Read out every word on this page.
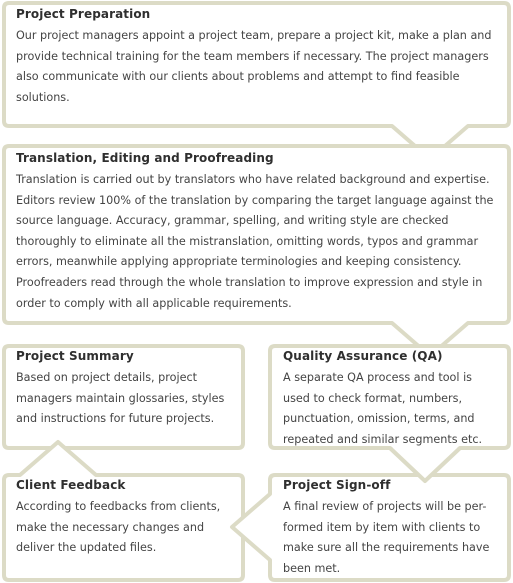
Project Preparation
Our project managers appoint a project team, prepare a project kit, make a plan and provide technical training for the team members if necessary. The project managers also communicate with our clients about problems and attempt to find feasible solutions.
Translation, Editing and Proofreading
Translation is carried out by translators who have related background and expertise. Editors review 100% of the translation by comparing the target language against the source language. Accuracy, grammar, spelling, and writing style are checked thoroughly to eliminate all the mistranslation, omitting words, typos and grammar errors, meanwhile applying appropriate terminologies and keeping consistency. Proofreaders read through the whole translation to improve expression and style in order to comply with all applicable requirements.
Project Summary
Based on project details, project managers maintain glossaries, styles and instructions for future projects.
Quality Assurance (QA)
A separate QA process and tool is used to check format, numbers, punctuation, omission, terms, and repeated and similar segments etc.
Client Feedback
According to feedbacks from clients, make the necessary changes and deliver the updated files.
Project Sign-off
A final review of projects will be per-formed item by item with clients to make sure all the requirements have been met.
